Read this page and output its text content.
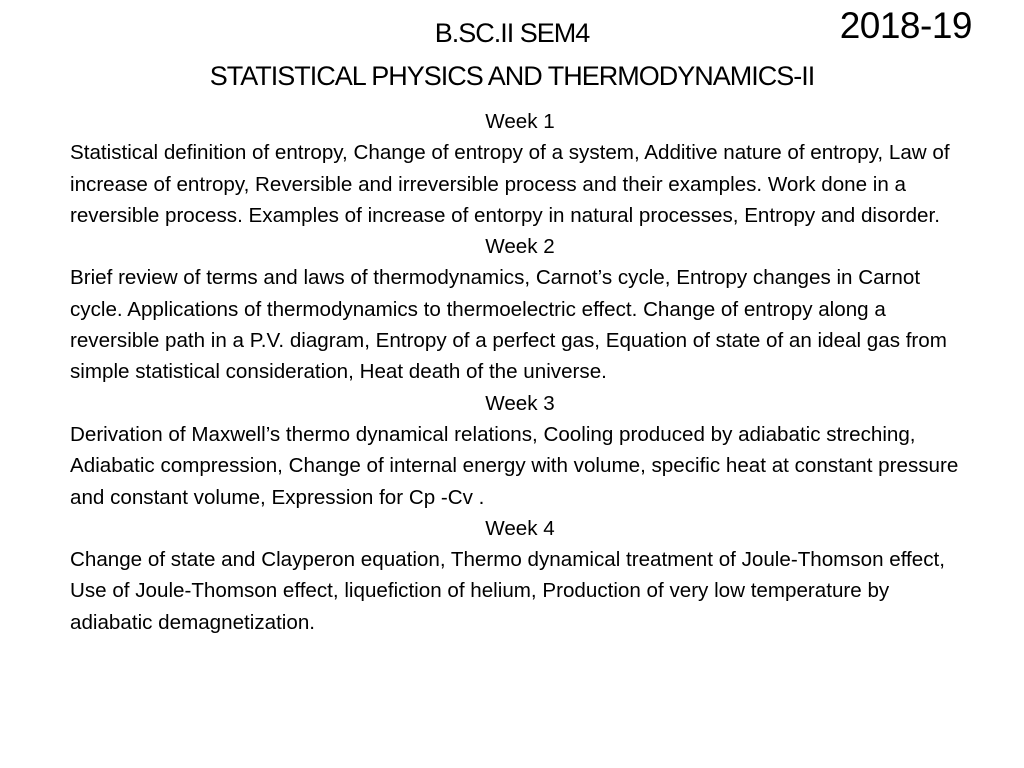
2018-19
B.SC.II SEM4
STATISTICAL PHYSICS AND THERMODYNAMICS-II
Week 1
Statistical definition of entropy, Change of entropy of a system, Additive nature of entropy, Law of increase of entropy, Reversible and irreversible process and their examples. Work done in a reversible process. Examples of increase of entorpy in natural processes, Entropy and disorder.
Week 2
Brief review of terms and laws of thermodynamics, Carnot’s cycle, Entropy changes in Carnot cycle. Applications of thermodynamics to thermoelectric effect. Change of entropy along a reversible path in a P.V. diagram, Entropy of a perfect gas, Equation of state of an ideal gas from simple statistical consideration, Heat death of the universe.
Week 3
Derivation of Maxwell’s thermo dynamical relations, Cooling produced by adiabatic streching, Adiabatic compression, Change of internal energy with volume, specific heat at constant pressure and constant volume, Expression for Cp -Cv .
Week 4
Change of state and Clayperon equation, Thermo dynamical treatment of Joule-Thomson effect, Use of Joule-Thomson effect, liquefiction of helium, Production of very low temperature by adiabatic demagnetization.
